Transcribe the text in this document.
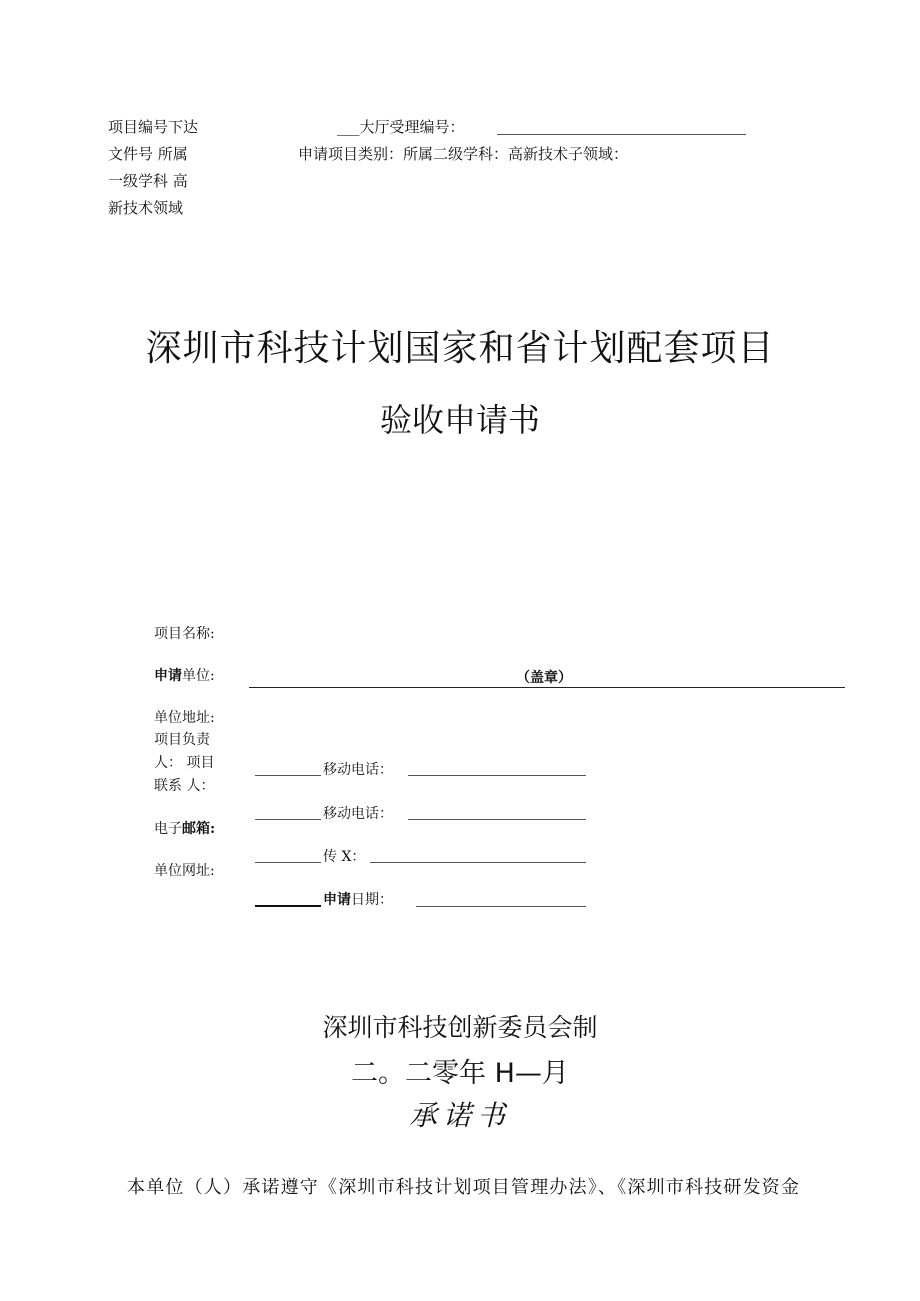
项目编号下达
文件号 所属
一级学科 高
新技术领域
___大厅受理编号：
申请项目类别：所属二级学科：高新技术子领域：
深圳市科技计划国家和省计划配套项目
验收申请书
项目名称:
申请单位:	（盖章）
单位地址:
项目负责
人： 项目
联系 人：
移动电话：
电子邮箱:
移动电话：
单位网址:
传 X：
申请日期：
深圳市科技创新委员会制
二。二零年 H—月
承诺书
本单位（人）承诺遵守《深圳市科技计划项目管理办法》、《深圳市科技研发资金
